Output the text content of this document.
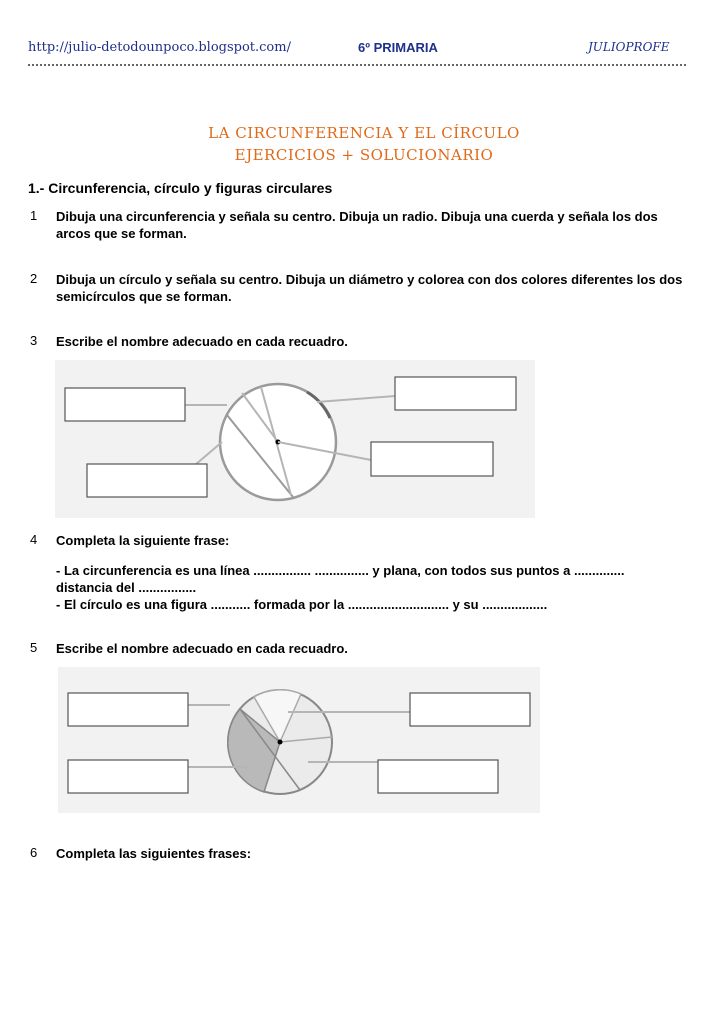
http://julio-detodounpoco.blogspot.com/	6º PRIMARIA	JULIOPROFE
LA CIRCUNFERENCIA Y EL CÍRCULO
EJERCICIOS + SOLUCIONARIO
1.- Circunferencia, círculo y figuras circulares
1 Dibuja una circunferencia y señala su centro. Dibuja un radio. Dibuja una cuerda y señala los dos arcos que se forman.
2 Dibuja un círculo y señala su centro. Dibuja un diámetro y colorea con dos colores diferentes los dos semicírculos que se forman.
3 Escribe el nombre adecuado en cada recuadro.
4 Completa la siguiente frase:

- La circunferencia es una línea ................ ............... y plana, con todos sus puntos a ..............

distancia del ................

- El círculo es una figura ........... formada por la ............................ y su ..................

5 Escribe el nombre adecuado en cada recuadro.
6 Completa las siguientes frases:
